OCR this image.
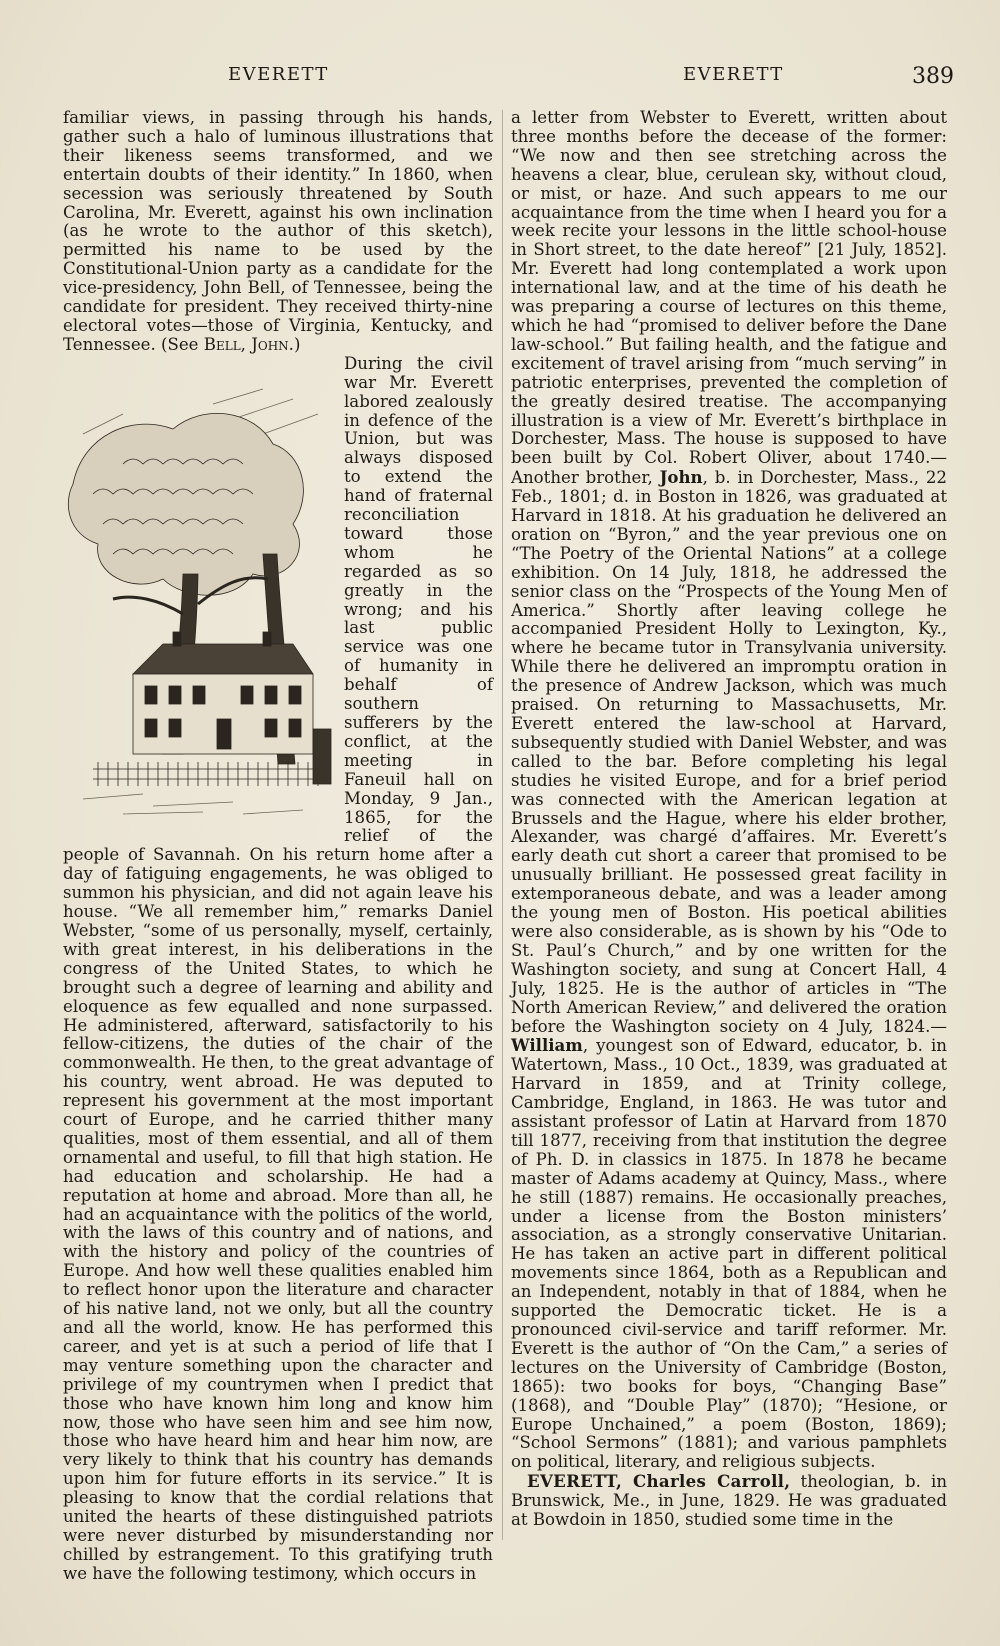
EVERETT	EVERETT	389

familiar views, in passing through his hands, gather such a halo of luminous illustrations that their likeness seems transformed, and we entertain doubts of their identity.” In 1860, when secession was seriously threatened by South Carolina, Mr. Everett, against his own inclination (as he wrote to the author of this sketch), permitted his name to be used by the Constitutional-Union party as a candidate for the vice-presidency, John Bell, of Tennessee, being the candidate for president. They received thirty-nine electoral votes—those of Virginia, Kentucky, and Tennessee. (See Bell, John.)

During the civil war Mr. Everett labored zealously in defence of the Union, but was always disposed to extend the hand of fraternal reconciliation toward those whom he regarded as so greatly in the wrong; and his last public service was one of humanity in behalf of southern sufferers by the conflict, at the meeting in Faneuil hall on Monday, 9 Jan., 1865, for the relief of the people of Savannah. On his return home after a day of fatiguing engagements, he was obliged to summon his physician, and did not again leave his house. “We all remember him,” remarks Daniel Webster, “some of us personally, myself, certainly, with great interest, in his deliberations in the congress of the United States, to which he brought such a degree of learning and ability and eloquence as few equalled and none surpassed. He administered, afterward, satisfactorily to his fellow-citizens, the duties of the chair of the commonwealth. He then, to the great advantage of his country, went abroad. He was deputed to represent his government at the most important court of Europe, and he carried thither many qualities, most of them essential, and all of them ornamental and useful, to fill that high station. He had education and scholarship. He had a reputation at home and abroad. More than all, he had an acquaintance with the politics of the world, with the laws of this country and of nations, and with the history and policy of the countries of Europe. And how well these qualities enabled him to reflect honor upon the literature and character of his native land, not we only, but all the country and all the world, know. He has performed this career, and yet is at such a period of life that I may venture something upon the character and privilege of my countrymen when I predict that those who have known him long and know him now, those who have seen him and see him now, those who have heard him and hear him now, are very likely to think that his country has demands upon him for future efforts in its service.” It is pleasing to know that the cordial relations that united the hearts of these distinguished patriots were never disturbed by misunderstanding nor chilled by estrangement. To this gratifying truth we have the following testimony, which occurs in

a letter from Webster to Everett, written about three months before the decease of the former: “We now and then see stretching across the heavens a clear, blue, cerulean sky, without cloud, or mist, or haze. And such appears to me our acquaintance from the time when I heard you for a week recite your lessons in the little school-house in Short street, to the date hereof” [21 July, 1852]. Mr. Everett had long contemplated a work upon international law, and at the time of his death he was preparing a course of lectures on this theme, which he had “promised to deliver before the Dane law-school.” But failing health, and the fatigue and excitement of travel arising from “much serving” in patriotic enterprises, prevented the completion of the greatly desired treatise. The accompanying illustration is a view of Mr. Everett’s birthplace in Dorchester, Mass. The house is supposed to have been built by Col. Robert Oliver, about 1740.—Another brother, John, b. in Dorchester, Mass., 22 Feb., 1801; d. in Boston in 1826, was graduated at Harvard in 1818. At his graduation he delivered an oration on “Byron,” and the year previous one on “The Poetry of the Oriental Nations” at a college exhibition. On 14 July, 1818, he addressed the senior class on the “Prospects of the Young Men of America.” Shortly after leaving college he accompanied President Holly to Lexington, Ky., where he became tutor in Transylvania university. While there he delivered an impromptu oration in the presence of Andrew Jackson, which was much praised. On returning to Massachusetts, Mr. Everett entered the law-school at Harvard, subsequently studied with Daniel Webster, and was called to the bar. Before completing his legal studies he visited Europe, and for a brief period was connected with the American legation at Brussels and the Hague, where his elder brother, Alexander, was chargé d’affaires. Mr. Everett’s early death cut short a career that promised to be unusually brilliant. He possessed great facility in extemporaneous debate, and was a leader among the young men of Boston. His poetical abilities were also considerable, as is shown by his “Ode to St. Paul’s Church,” and by one written for the Washington society, and sung at Concert Hall, 4 July, 1825. He is the author of articles in “The North American Review,” and delivered the oration before the Washington society on 4 July, 1824.—William, youngest son of Edward, educator, b. in Watertown, Mass., 10 Oct., 1839, was graduated at Harvard in 1859, and at Trinity college, Cambridge, England, in 1863. He was tutor and assistant professor of Latin at Harvard from 1870 till 1877, receiving from that institution the degree of Ph. D. in classics in 1875. In 1878 he became master of Adams academy at Quincy, Mass., where he still (1887) remains. He occasionally preaches, under a license from the Boston ministers’ association, as a strongly conservative Unitarian. He has taken an active part in different political movements since 1864, both as a Republican and an Independent, notably in that of 1884, when he supported the Democratic ticket. He is a pronounced civil-service and tariff reformer. Mr. Everett is the author of “On the Cam,” a series of lectures on the University of Cambridge (Boston, 1865): two books for boys, “Changing Base” (1868), and “Double Play” (1870); “Hesione, or Europe Unchained,” a poem (Boston, 1869); “School Sermons” (1881); and various pamphlets on political, literary, and religious subjects.

EVERETT, Charles Carroll, theologian, b. in Brunswick, Me., in June, 1829. He was graduated at Bowdoin in 1850, studied some time in the
